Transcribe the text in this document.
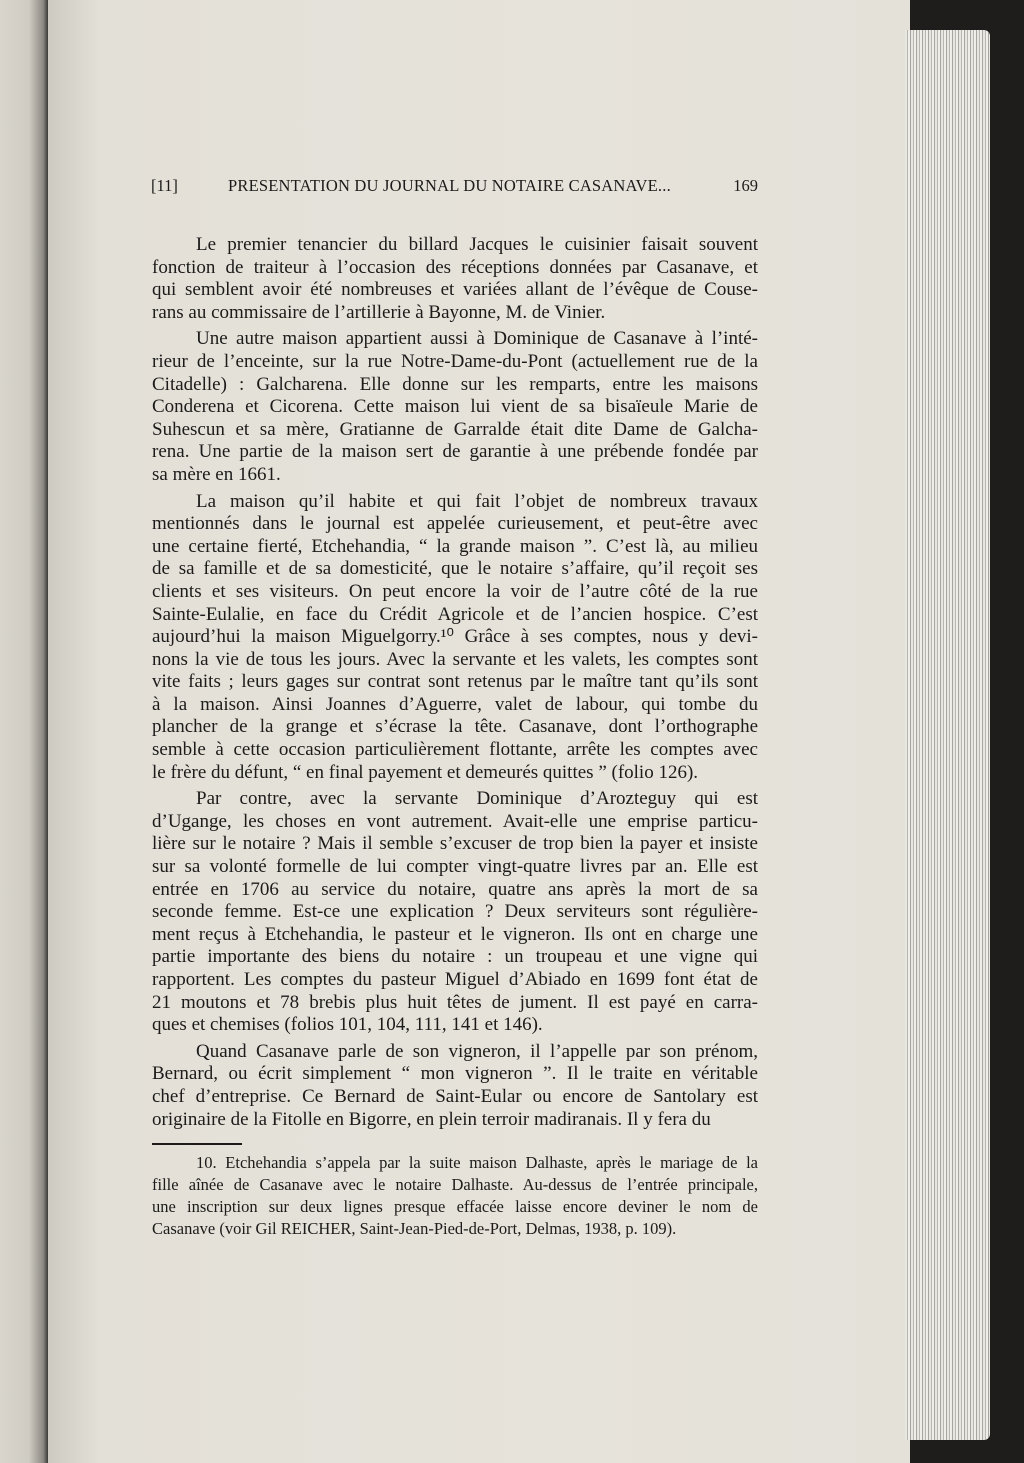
[11]	PRESENTATION DU JOURNAL DU NOTAIRE CASANAVE...	169
Le premier tenancier du billard Jacques le cuisinier faisait souvent
fonction de traiteur à l’occasion des réceptions données par Casanave, et
qui semblent avoir été nombreuses et variées allant de l’évêque de Couse-
rans au commissaire de l’artillerie à Bayonne, M. de Vinier.
Une autre maison appartient aussi à Dominique de Casanave à l’inté-
rieur de l’enceinte, sur la rue Notre-Dame-du-Pont (actuellement rue de la
Citadelle) : Galcharena. Elle donne sur les remparts, entre les maisons
Conderena et Cicorena. Cette maison lui vient de sa bisaïeule Marie de
Suhescun et sa mère, Gratianne de Garralde était dite Dame de Galcha-
rena. Une partie de la maison sert de garantie à une prébende fondée par
sa mère en 1661.
La maison qu’il habite et qui fait l’objet de nombreux travaux
mentionnés dans le journal est appelée curieusement, et peut-être avec
une certaine fierté, Etchehandia, “ la grande maison ”. C’est là, au milieu
de sa famille et de sa domesticité, que le notaire s’affaire, qu’il reçoit ses
clients et ses visiteurs. On peut encore la voir de l’autre côté de la rue
Sainte-Eulalie, en face du Crédit Agricole et de l’ancien hospice. C’est
aujourd’hui la maison Miguelgorry.¹⁰ Grâce à ses comptes, nous y devi-
nons la vie de tous les jours. Avec la servante et les valets, les comptes sont
vite faits ; leurs gages sur contrat sont retenus par le maître tant qu’ils sont
à la maison. Ainsi Joannes d’Aguerre, valet de labour, qui tombe du
plancher de la grange et s’écrase la tête. Casanave, dont l’orthographe
semble à cette occasion particulièrement flottante, arrête les comptes avec
le frère du défunt, “ en final payement et demeurés quittes ” (folio 126).
Par contre, avec la servante Dominique d’Arozteguy qui est
d’Ugange, les choses en vont autrement. Avait-elle une emprise particu-
lière sur le notaire ? Mais il semble s’excuser de trop bien la payer et insiste
sur sa volonté formelle de lui compter vingt-quatre livres par an. Elle est
entrée en 1706 au service du notaire, quatre ans après la mort de sa
seconde femme. Est-ce une explication ? Deux serviteurs sont régulière-
ment reçus à Etchehandia, le pasteur et le vigneron. Ils ont en charge une
partie importante des biens du notaire : un troupeau et une vigne qui
rapportent. Les comptes du pasteur Miguel d’Abiado en 1699 font état de
21 moutons et 78 brebis plus huit têtes de jument. Il est payé en carra-
ques et chemises (folios 101, 104, 111, 141 et 146).
Quand Casanave parle de son vigneron, il l’appelle par son prénom,
Bernard, ou écrit simplement “ mon vigneron ”. Il le traite en véritable
chef d’entreprise. Ce Bernard de Saint-Eular ou encore de Santolary est
originaire de la Fitolle en Bigorre, en plein terroir madiranais. Il y fera du
10. Etchehandia s’appela par la suite maison Dalhaste, après le mariage de la
fille aînée de Casanave avec le notaire Dalhaste. Au-dessus de l’entrée principale,
une inscription sur deux lignes presque effacée laisse encore deviner le nom de
Casanave (voir Gil REICHER, Saint-Jean-Pied-de-Port, Delmas, 1938, p. 109).
